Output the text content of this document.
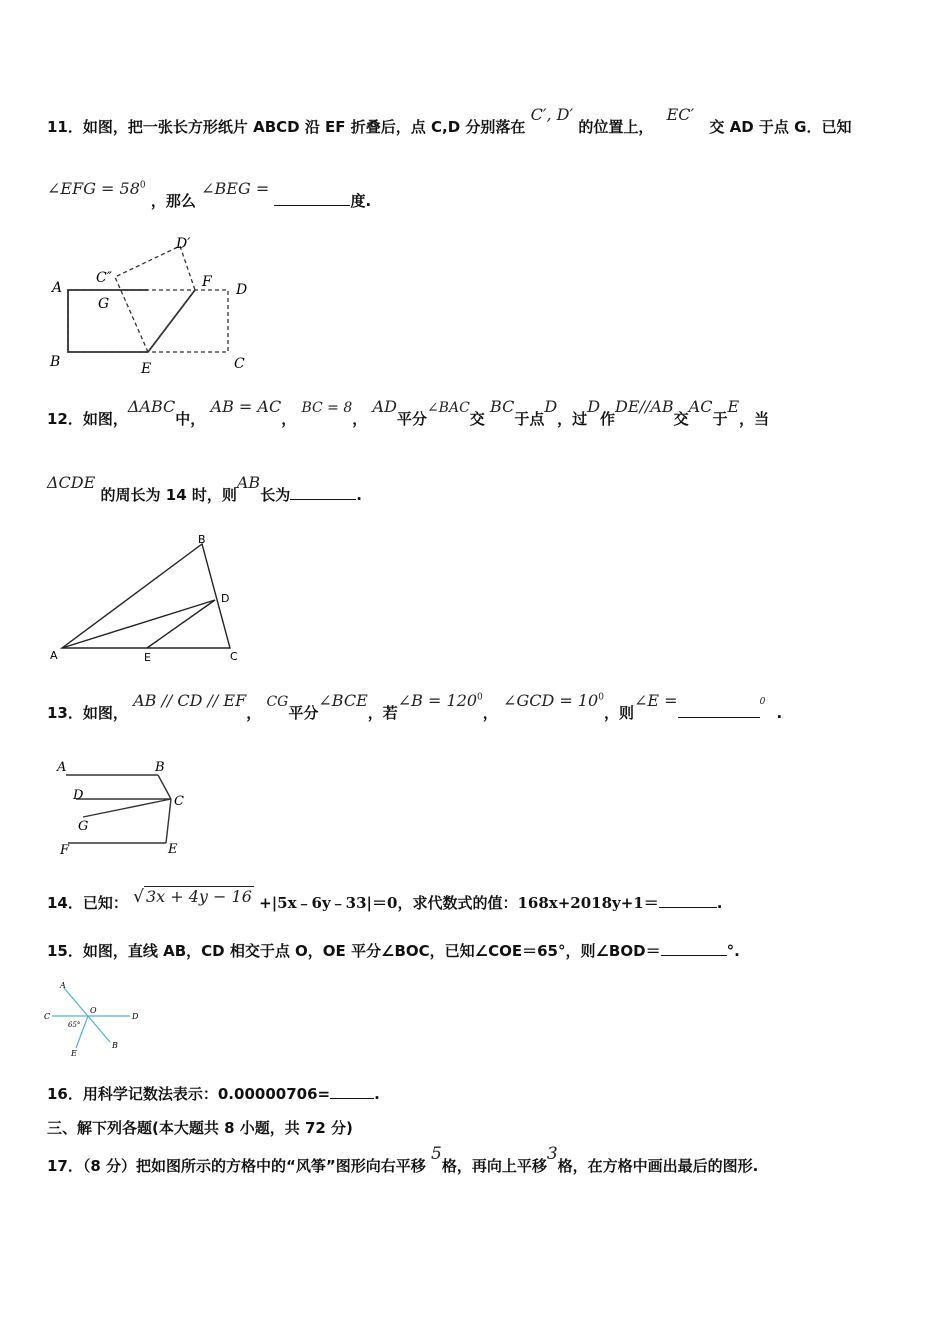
11．如图，把一张长方形纸片 ABCD 沿 EF 折叠后，点 C,D 分别落在 C′, D′ 的位置上， EC′ 交 AD 于点 G．已知
∠EFG = $58^0$ ，那么 ∠BEG = 度.
A
B	C
D
E
F
G
C″
D′
12．如图，ΔABC中， AB = AC， BC = 8， AD平分∠BAC交 BC于点D，过D作DE//AB交AC于E，当
ΔCDE 的周长为 14 时，则AB长为	.
A
B
C
D
E
13．如图， AB // CD // EF， CG平分∠BCE，若∠B = $120^0$， ∠GCD = $10^0$，则∠E =	$^0$ .
A	B
C
D
E
F
G
14．已知： √ 3x + 4y − 16 +|5x﹣6y﹣33|＝0，求代数式的值：168x+2018y+1＝	.
15．如图，直线 AB，CD 相交于点 O，OE 平分∠BOC，已知∠COE＝65°，则∠BOD＝	°.
A
B
C	D
E
O
65°
16．用科学记数法表示：0.00000706=	.
三、解下列各题(本大题共 8 小题，共 72 分)
17．（8 分）把如图所示的方格中的“风筝”图形向右平移 5格，再向上平移3格，在方格中画出最后的图形.
